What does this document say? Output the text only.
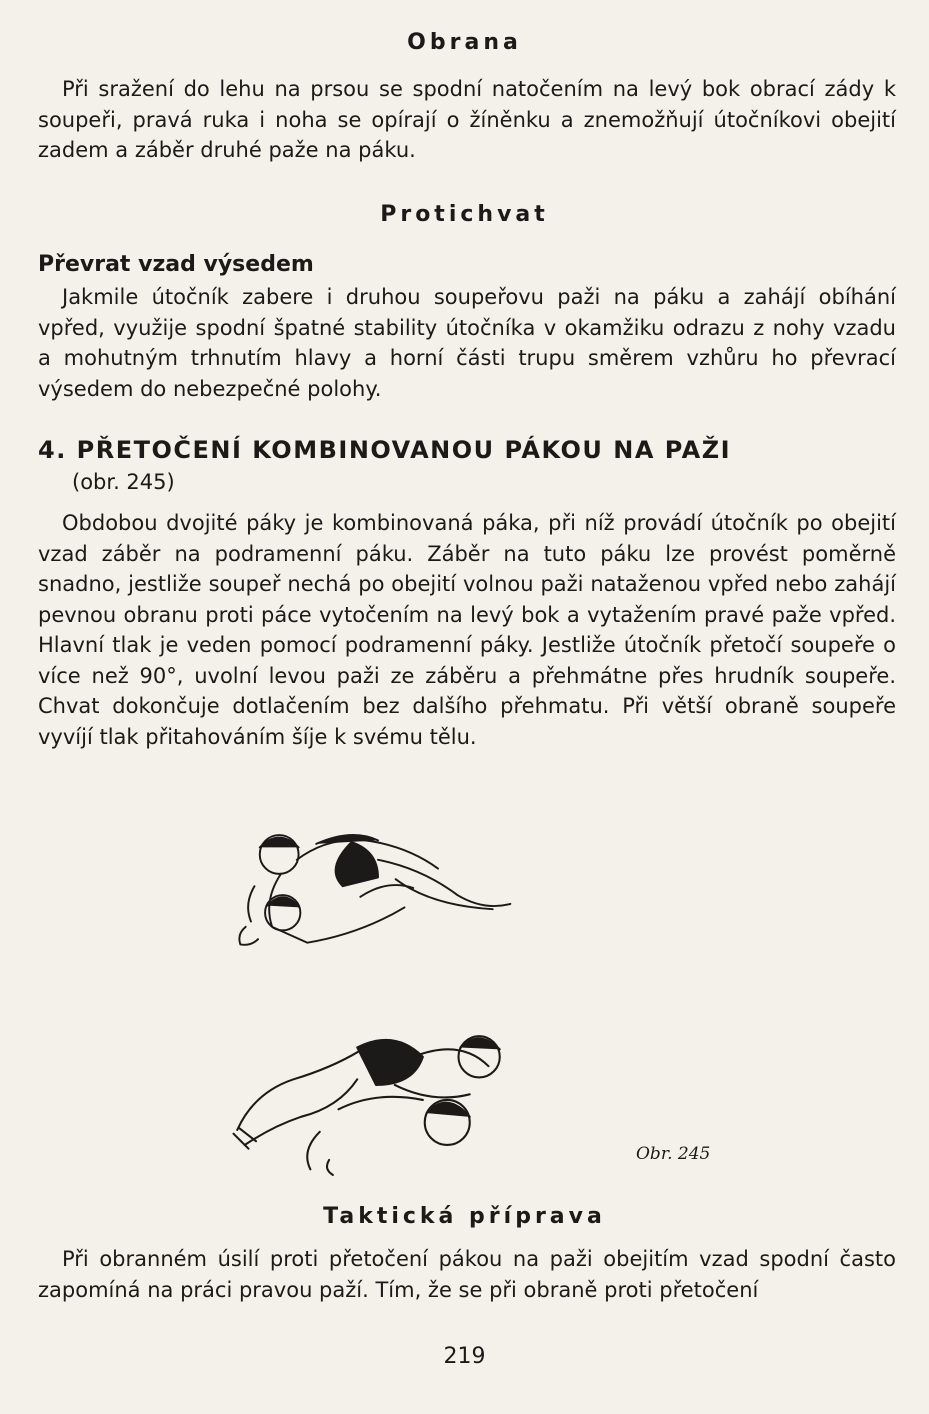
Obrana

Při sražení do lehu na prsou se spodní natočením na levý bok obrací zády k soupeři, pravá ruka i noha se opírají o žíněnku a znemožňují útočníkovi obejití zadem a záběr druhé paže na páku.

Protichvat
Převrat vzad výsedem

Jakmile útočník zabere i druhou soupeřovu paži na páku a zahájí obíhání vpřed, využije spodní špatné stability útočníka v okamžiku odrazu z nohy vzadu a mohutným trhnutím hlavy a horní části trupu směrem vzhůru ho převrací výsedem do nebezpečné polohy.

4. PŘETOČENÍ KOMBINOVANOU PÁKOU NA PAŽI
(obr. 245)

Obdobou dvojité páky je kombinovaná páka, při níž provádí útočník po obejití vzad záběr na podramenní páku. Záběr na tuto páku lze provést poměrně snadno, jestliže soupeř nechá po obejití volnou paži nataženou vpřed nebo zahájí pevnou obranu proti páce vytočením na levý bok a vytažením pravé paže vpřed. Hlavní tlak je veden pomocí podramenní páky. Jestliže útočník přetočí soupeře o více než 90°, uvolní levou paži ze záběru a přehmátne přes hrudník soupeře. Chvat dokončuje dotlačením bez dalšího přehmatu. Při větší obraně soupeře vyvíjí tlak přitahováním šíje k svému tělu.

Obr. 245
Taktická příprava

Při obranném úsilí proti přetočení pákou na paži obejitím vzad spodní často zapomíná na práci pravou paží. Tím, že se při obraně proti přetočení

219
